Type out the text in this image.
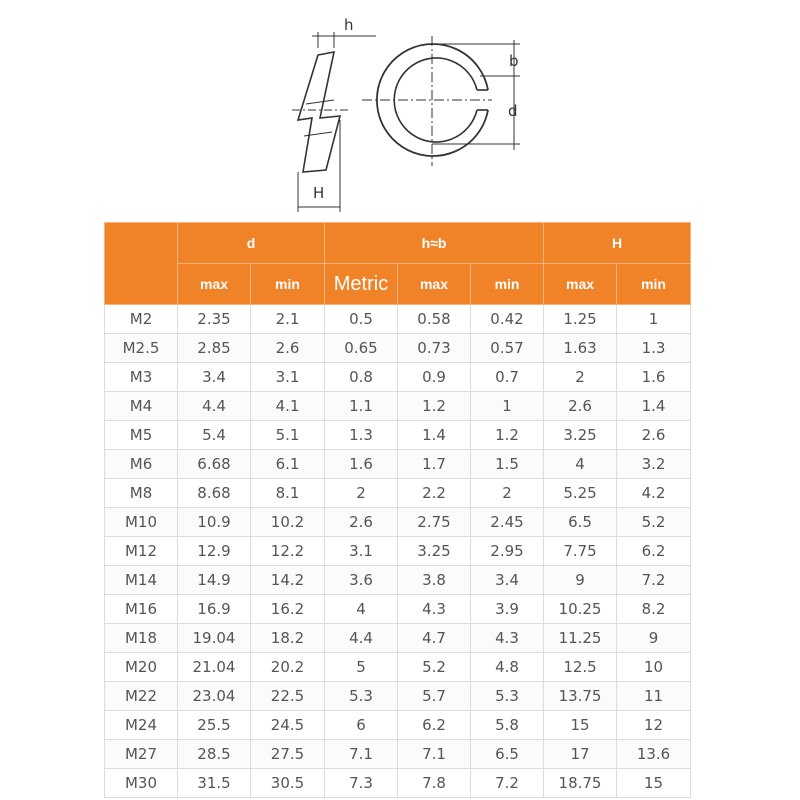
h
H
b
d
	d		h≈b			H	
	max	min	Metric	max	min	max	min
M2	2.35	2.1	0.5	0.58	0.42	1.25	1
M2.5	2.85	2.6	0.65	0.73	0.57	1.63	1.3
M3	3.4	3.1	0.8	0.9	0.7	2	1.6
M4	4.4	4.1	1.1	1.2	1	2.6	1.4
M5	5.4	5.1	1.3	1.4	1.2	3.25	2.6
M6	6.68	6.1	1.6	1.7	1.5	4	3.2
M8	8.68	8.1	2	2.2	2	5.25	4.2
M10	10.9	10.2	2.6	2.75	2.45	6.5	5.2
M12	12.9	12.2	3.1	3.25	2.95	7.75	6.2
M14	14.9	14.2	3.6	3.8	3.4	9	7.2
M16	16.9	16.2	4	4.3	3.9	10.25	8.2
M18	19.04	18.2	4.4	4.7	4.3	11.25	9
M20	21.04	20.2	5	5.2	4.8	12.5	10
M22	23.04	22.5	5.3	5.7	5.3	13.75	11
M24	25.5	24.5	6	6.2	5.8	15	12
M27	28.5	27.5	7.1	7.1	6.5	17	13.6
M30	31.5	30.5	7.3	7.8	7.2	18.75	15
